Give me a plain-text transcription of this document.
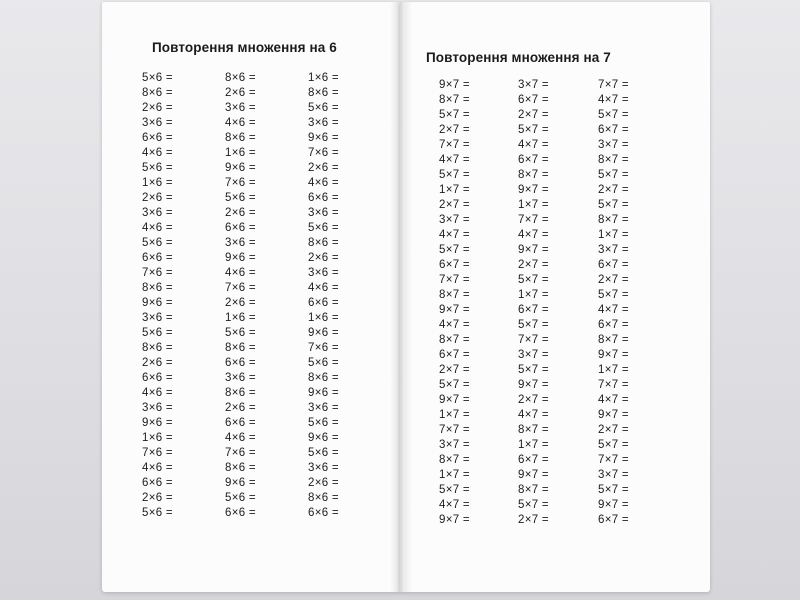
Повторення множення на 6
5×6 =
8×6 =
2×6 =
3×6 =
6×6 =
4×6 =
5×6 =
1×6 =
2×6 =
3×6 =
4×6 =
5×6 =
6×6 =
7×6 =
8×6 =
9×6 =
3×6 =
5×6 =
8×6 =
2×6 =
6×6 =
4×6 =
3×6 =
9×6 =
1×6 =
7×6 =
4×6 =
6×6 =
2×6 =
5×6 =
8×6 =
2×6 =
3×6 =
4×6 =
8×6 =
1×6 =
9×6 =
7×6 =
5×6 =
2×6 =
6×6 =
3×6 =
9×6 =
4×6 =
7×6 =
2×6 =
1×6 =
5×6 =
8×6 =
6×6 =
3×6 =
8×6 =
2×6 =
6×6 =
4×6 =
7×6 =
8×6 =
9×6 =
5×6 =
6×6 =
1×6 =
8×6 =
5×6 =
3×6 =
9×6 =
7×6 =
2×6 =
4×6 =
6×6 =
3×6 =
5×6 =
8×6 =
2×6 =
3×6 =
4×6 =
6×6 =
1×6 =
9×6 =
7×6 =
5×6 =
8×6 =
9×6 =
3×6 =
5×6 =
9×6 =
5×6 =
3×6 =
2×6 =
8×6 =
6×6 =
Повторення множення на 7
9×7 =
8×7 =
5×7 =
2×7 =
7×7 =
4×7 =
5×7 =
1×7 =
2×7 =
3×7 =
4×7 =
5×7 =
6×7 =
7×7 =
8×7 =
9×7 =
4×7 =
8×7 =
6×7 =
2×7 =
5×7 =
9×7 =
1×7 =
7×7 =
3×7 =
8×7 =
1×7 =
5×7 =
4×7 =
9×7 =
3×7 =
6×7 =
2×7 =
5×7 =
4×7 =
6×7 =
8×7 =
9×7 =
1×7 =
7×7 =
4×7 =
9×7 =
2×7 =
5×7 =
1×7 =
6×7 =
5×7 =
7×7 =
3×7 =
5×7 =
9×7 =
2×7 =
4×7 =
8×7 =
1×7 =
6×7 =
9×7 =
8×7 =
5×7 =
2×7 =
7×7 =
4×7 =
5×7 =
6×7 =
3×7 =
8×7 =
5×7 =
2×7 =
5×7 =
8×7 =
1×7 =
3×7 =
6×7 =
2×7 =
5×7 =
4×7 =
6×7 =
8×7 =
9×7 =
1×7 =
7×7 =
4×7 =
9×7 =
2×7 =
5×7 =
7×7 =
3×7 =
5×7 =
9×7 =
6×7 =
